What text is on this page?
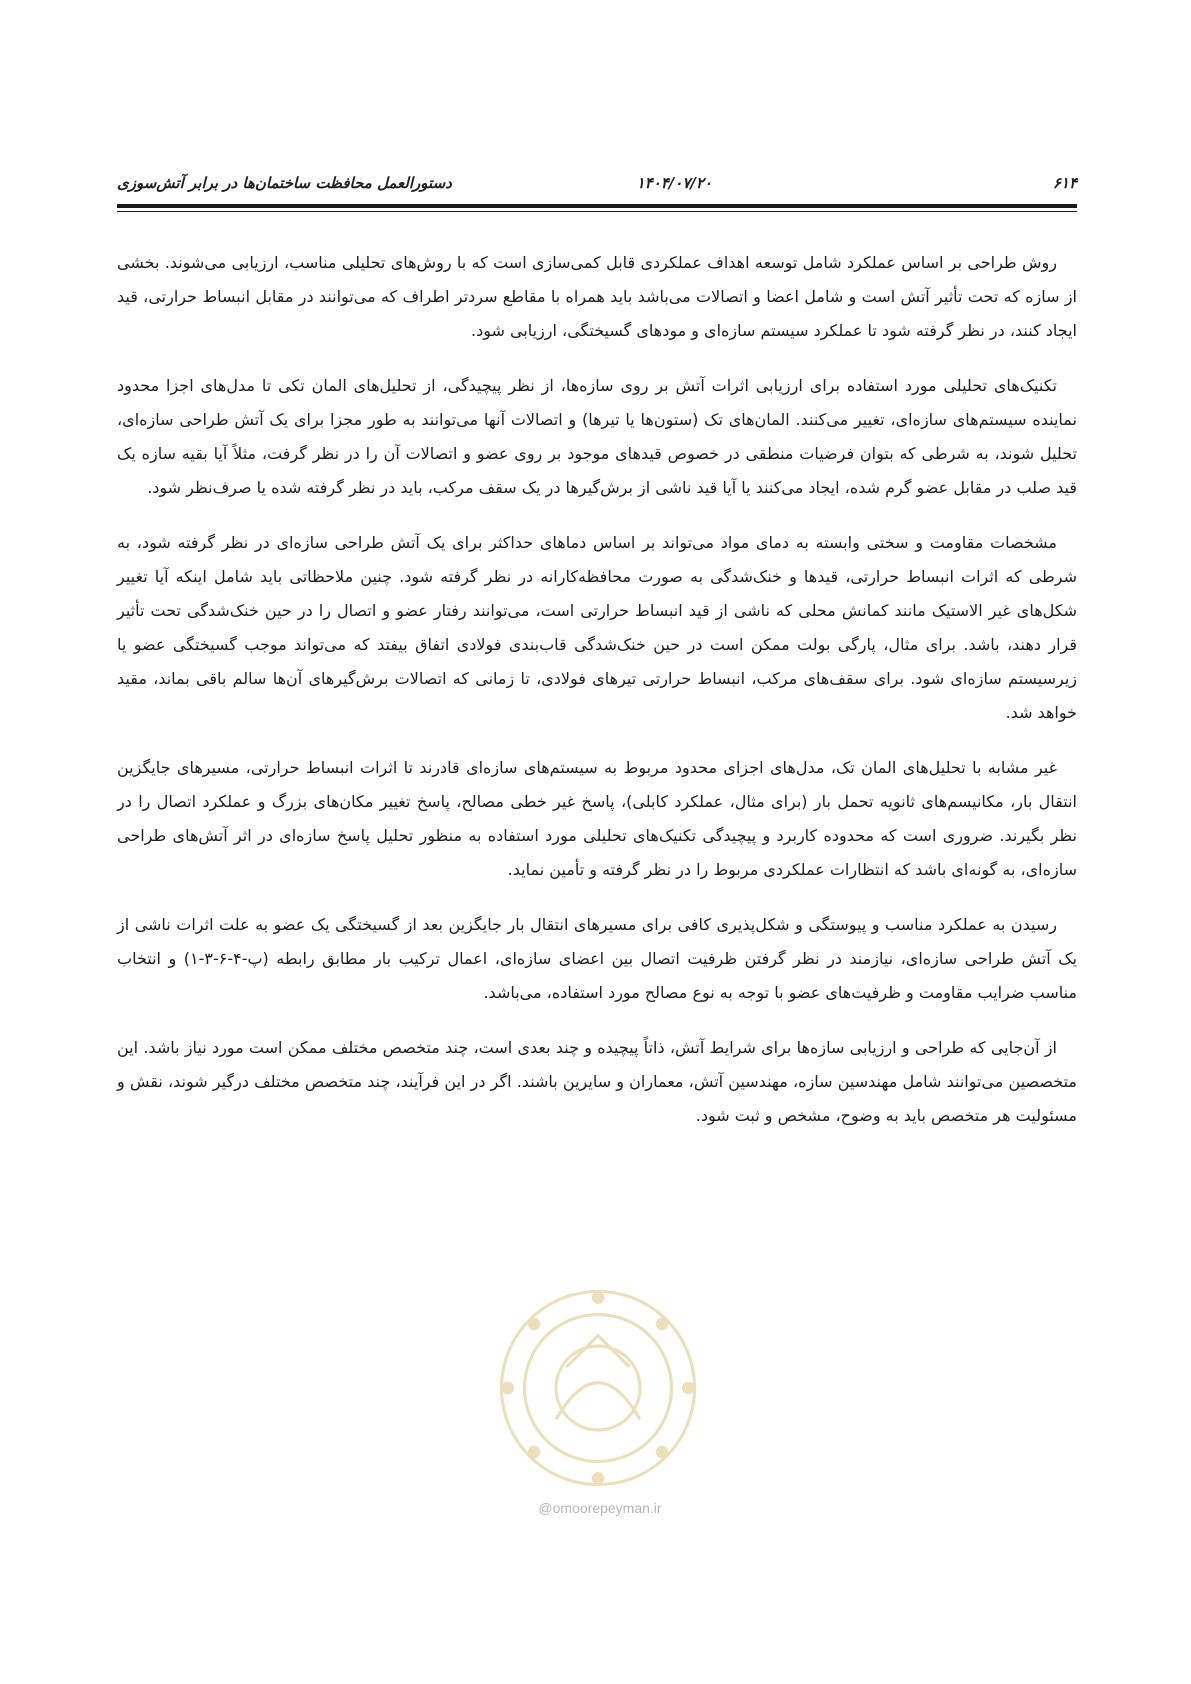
۶۱۴
۱۴۰۴/۰۷/۲۰
دستورالعمل محافظت ساختمان‌ها در برابر آتش‌سوزی

روش طراحی بر اساس عملکرد شامل توسعه اهداف عملکردی قابل کمی‌سازی است که با روش‌های تحلیلی مناسب، ارزیابی می‌شوند. بخشی از سازه که تحت تأثیر آتش است و شامل اعضا و اتصالات می‌باشد باید همراه با مقاطع سردتر اطراف که می‌توانند در مقابل انبساط حرارتی، قید ایجاد کنند، در نظر گرفته شود تا عملکرد سیستم سازه‌ای و مودهای گسیختگی، ارزیابی شود.

تکنیک‌های تحلیلی مورد استفاده برای ارزیابی اثرات آتش بر روی سازه‌ها، از نظر پیچیدگی، از تحلیل‌های المان تکی تا مدل‌های اجزا محدود نماینده سیستم‌های سازه‌ای، تغییر می‌کنند. المان‌های تک (ستون‌ها یا تیرها) و اتصالات آنها می‌توانند به طور مجزا برای یک آتش طراحی سازه‌ای، تحلیل شوند، به شرطی که بتوان فرضیات منطقی در خصوص قیدهای موجود بر روی عضو و اتصالات آن را در نظر گرفت، مثلاً آیا بقیه سازه یک قید صلب در مقابل عضو گرم شده، ایجاد می‌کنند یا آیا قید ناشی از برش‌گیرها در یک سقف مرکب، باید در نظر گرفته شده یا صرف‌نظر شود.

مشخصات مقاومت و سختی وابسته به دمای مواد می‌تواند بر اساس دماهای حداکثر برای یک آتش طراحی سازه‌ای در نظر گرفته شود، به شرطی که اثرات انبساط حرارتی، قیدها و خنک‌شدگی به صورت محافظه‌کارانه در نظر گرفته شود. چنین ملاحظاتی باید شامل اینکه آیا تغییر شکل‌های غیر الاستیک مانند کمانش محلی که ناشی از قید انبساط حرارتی است، می‌توانند رفتار عضو و اتصال را در حین خنک‌شدگی تحت تأثیر قرار دهند، باشد. برای مثال، پارگی بولت ممکن است در حین خنک‌شدگی قاب‌بندی فولادی اتفاق بیفتد که می‌تواند موجب گسیختگی عضو یا زیرسیستم سازه‌ای شود. برای سقف‌های مرکب، انبساط حرارتی تیرهای فولادی، تا زمانی که اتصالات برش‌گیرهای آن‌ها سالم باقی بماند، مقید خواهد شد.

غیر مشابه با تحلیل‌های المان تک، مدل‌های اجزای محدود مربوط به سیستم‌های سازه‌ای قادرند تا اثرات انبساط حرارتی، مسیرهای جایگزین انتقال بار، مکانیسم‌های ثانویه تحمل بار (برای مثال، عملکرد کابلی)، پاسخ غیر خطی مصالح، پاسخ تغییر مکان‌های بزرگ و عملکرد اتصال را در نظر بگیرند. ضروری است که محدوده کاربرد و پیچیدگی تکنیک‌های تحلیلی مورد استفاده به منظور تحلیل پاسخ سازه‌ای در اثر آتش‌های طراحی سازه‌ای، به گونه‌ای باشد که انتظارات عملکردی مربوط را در نظر گرفته و تأمین نماید.

رسیدن به عملکرد مناسب و پیوستگی و شکل‌پذیری کافی برای مسیرهای انتقال بار جایگزین بعد از گسیختگی یک عضو به علت اثرات ناشی از یک آتش طراحی سازه‌ای، نیازمند در نظر گرفتن ظرفیت اتصال بین اعضای سازه‌ای، اعمال ترکیب بار مطابق رابطه (پ-۴-۶-۳-۱) و انتخاب مناسب ضرایب مقاومت و ظرفیت‌های عضو با توجه به نوع مصالح مورد استفاده، می‌باشد.

از آن‌جایی که طراحی و ارزیابی سازه‌ها برای شرایط آتش، ذاتاً پیچیده و چند بعدی است، چند متخصص مختلف ممکن است مورد نیاز باشد. این متخصصین می‌توانند شامل مهندسین سازه، مهندسین آتش، معماران و سایرین باشند. اگر در این فرآیند، چند متخصص مختلف درگیر شوند، نقش و مسئولیت هر متخصص باید به وضوح، مشخص و ثبت شود.

@omoorepeyman.ir
